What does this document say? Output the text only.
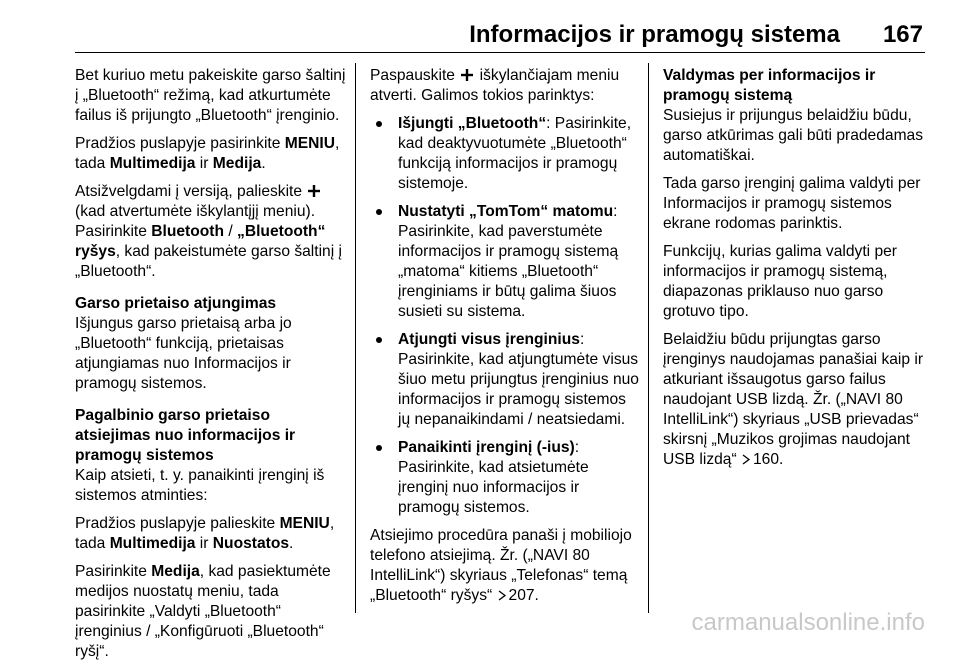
Informacijos ir pramogų sistema 167

Bet kuriuo metu pakeiskite garso šaltinį į „Bluetooth“ režimą, kad atkurtumėte failus iš prijungto „Bluetooth“ įrenginio.

Pradžios puslapyje pasirinkite MENIU, tada Multimedija ir Medija.

Atsižvelgdami į versiją, palieskite  (kad atvertumėte iškylantįjį meniu). Pasirinkite Bluetooth / „Bluetooth“ ryšys, kad pakeistumėte garso šaltinį į „Bluetooth“.

Garso prietaiso atjungimas

Išjungus garso prietaisą arba jo „Bluetooth“ funkciją, prietaisas atjungiamas nuo Informacijos ir pramogų sistemos.

Pagalbinio garso prietaiso atsiejimas nuo informacijos ir pramogų sistemos

Kaip atsieti, t. y. panaikinti įrenginį iš sistemos atminties:

Pradžios puslapyje palieskite MENIU, tada Multimedija ir Nuostatos.

Pasirinkite Medija, kad pasiektumėte medijos nuostatų meniu, tada pasirinkite „Valdyti „Bluetooth“ įrenginius / „Konfigūruoti „Bluetooth“ ryšį“.

Paspauskite  iškylančiajam meniu atverti. Galimos tokios parinktys:

Išjungti „Bluetooth“: Pasirinkite, kad deaktyvuotumėte „Bluetooth“ funkciją informacijos ir pramogų sistemoje.
Nustatyti „TomTom“ matomu: Pasirinkite, kad paverstumėte informacijos ir pramogų sistemą „matoma“ kitiems „Bluetooth“ įrenginiams ir būtų galima šiuos susieti su sistema.
Atjungti visus įrenginius: Pasirinkite, kad atjungtumėte visus šiuo metu prijungtus įrenginius nuo informacijos ir pramogų sistemos jų nepanaikindami / neatsiedami.
Panaikinti įrenginį (-ius): Pasirinkite, kad atsietumėte įrenginį nuo informacijos ir pramogų sistemos.

Atsiejimo procedūra panaši į mobiliojo telefono atsiejimą. Žr. („NAVI 80 IntelliLink“) skyriaus „Telefonas“ temą „Bluetooth“ ryšys“ 207.

Valdymas per informacijos ir pramogų sistemą

Susiejus ir prijungus belaidžiu būdu, garso atkūrimas gali būti pradedamas automatiškai.

Tada garso įrenginį galima valdyti per Informacijos ir pramogų sistemos ekrane rodomas parinktis.

Funkcijų, kurias galima valdyti per informacijos ir pramogų sistemą, diapazonas priklauso nuo garso grotuvo tipo.

Belaidžiu būdu prijungtas garso įrenginys naudojamas panašiai kaip ir atkuriant išsaugotus garso failus naudojant USB lizdą. Žr. („NAVI 80 IntelliLink“) skyriaus „USB prievadas“ skirsnį „Muzikos grojimas naudojant USB lizdą“ 160.

carmanualsonline.info
